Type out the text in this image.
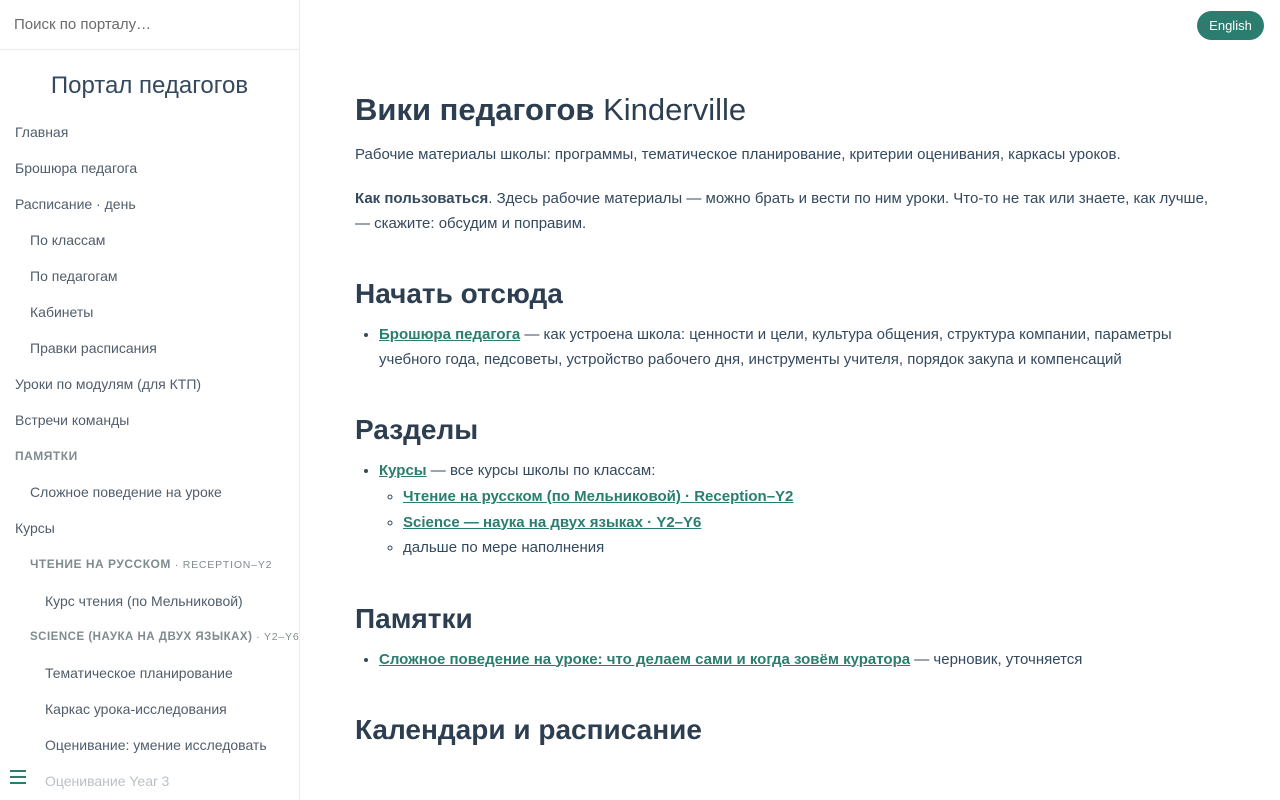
Поиск по порталу…
Портал педагогов
Главная
Брошюра педагога
Расписание · день
По классам
По педагогам
Кабинеты
Правки расписания
Уроки по модулям (для КТП)
Встречи команды
ПАМЯТКИ
Сложное поведение на уроке
Курсы
ЧТЕНИЕ НА РУССКОМ · RECEPTION–Y2
Курс чтения (по Мельниковой)
SCIENCE (НАУКА НА ДВУХ ЯЗЫКАХ) · Y2–Y6
Тематическое планирование
Каркас урока-исследования
Оценивание: умение исследовать
Оценивание Year 3
English
Вики педагогов Kinderville

Рабочие материалы школы: программы, тематическое планирование, критерии оценивания, каркасы уроков.

Как пользоваться. Здесь рабочие материалы — можно брать и вести по ним уроки. Что-то не так или знаете, как лучше, — скажите: обсудим и поправим.

Начать отсюда
• Брошюра педагога — как устроена школа: ценности и цели, культура общения, структура компании, параметры учебного года, педсоветы, устройство рабочего дня, инструменты учителя, порядок закупа и компенсаций
Разделы
• Курсы — все курсы школы по классам:
◦ Чтение на русском (по Мельниковой) · Reception–Y2
◦ Science — наука на двух языках · Y2–Y6
◦ дальше по мере наполнения
Памятки
• Сложное поведение на уроке: что делаем сами и когда зовём куратора — черновик, уточняется
Календари и расписание
